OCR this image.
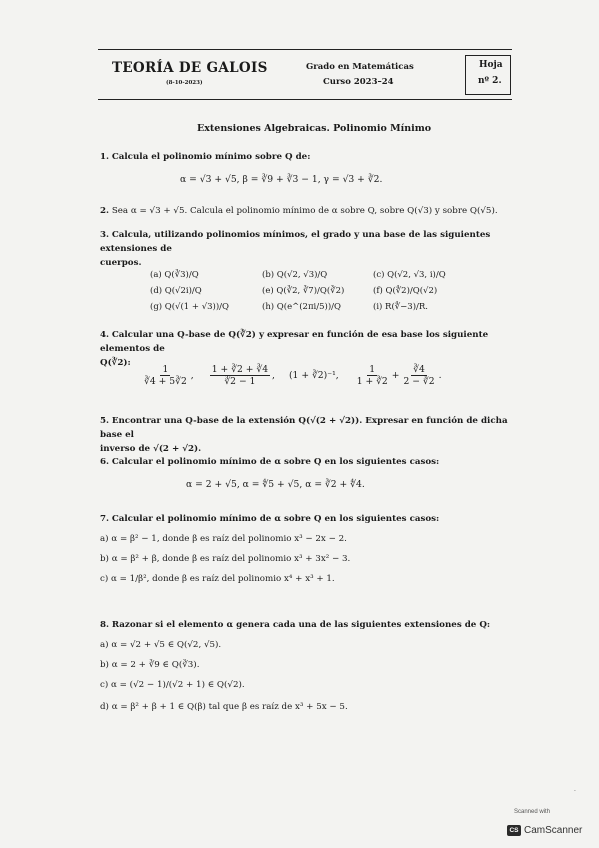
TEORÍA DE GALOIS
(8-10-2023)
Grado en Matemáticas
Curso 2023–24
Hoja
nº 2.
Extensiones Algebraicas. Polinomio Mínimo
1. Calcula el polinomio mínimo sobre Q de:
α = √3 + √5, β = ∛9 + ∛3 − 1, γ = √3 + ∛2.
2. Sea α = √3 + √5. Calcula el polinomio mínimo de α sobre Q, sobre Q(√3) y sobre Q(√5).
3. Calcula, utilizando polinomios mínimos, el grado y una base de las siguientes extensiones de
cuerpos.
(a) Q(∛3)/Q	(b) Q(√2, √3)/Q	(c) Q(√2, √3, i)/Q
(d) Q(√2i)/Q	(e) Q(∛2, ∛7)/Q(∛2)	(f) Q(∜2)/Q(√2)
(g) Q(√(1 + √3))/Q	(h) Q(e^(2πi/5))/Q	(i) R(∜−3)/R.
4. Calcular una Q-base de Q(∛2) y expresar en función de esa base los siguiente elementos de
Q(∛2):
$\frac{1}{∛4 + 5∛2}$ , $\frac{1 + ∛2 + ∛4}{∛2 - 1}$ , (1 + ∛2)⁻¹, $\frac{1}{1 + ∛2} + \frac{∛4}{2 - ∛2}$ .
5. Encontrar una Q-base de la extensión Q(√(2 + √2)). Expresar en función de dicha base el
inverso de √(2 + √2).
6. Calcular el polinomio mínimo de α sobre Q en los siguientes casos:
α = 2 + √5, α = ∜5 + √5, α = ∛2 + ∜4.
7. Calcular el polinomio mínimo de α sobre Q en los siguientes casos:
a) α = β² − 1, donde β es raíz del polinomio x³ − 2x − 2.
b) α = β² + β, donde β es raíz del polinomio x³ + 3x² − 3.
c) α = 1/β², donde β es raíz del polinomio x⁴ + x³ + 1.
8. Razonar si el elemento α genera cada una de las siguientes extensiones de Q:
a) α = √2 + √5 ∈ Q(√2, √5).
b) α = 2 + ∛9 ∈ Q(∛3).
c) α = (√2 − 1)/(√2 + 1) ∈ Q(√2).
d) α = β² + β + 1 ∈ Q(β) tal que β es raíz de x³ + 5x − 5.
·
Scanned with
CS CamScanner
